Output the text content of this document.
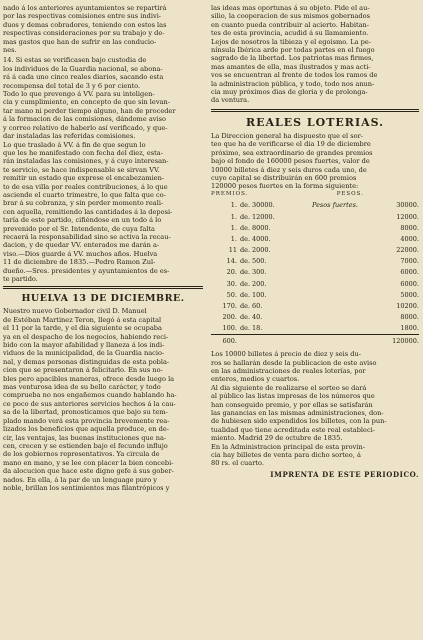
nado á los anteriores ayuntamientos se repartirá
por las respectivas comisiones entre sus indivi-
duos y demas cobradores, teniendo con estos las
respectivas consideraciones por su trabajo y de-
mas gastos que han de sufrir en las conducio-
nes.

14. Si estas se verificasen bajo custodia de
los individuos de la Guardia nacional, se abona-
rá á cada uno cinco reales diarios, sacando esta
recompensa del total de 3 y 6 por ciento.
Todo lo que prevengo á VV. para su inteligen-
cia y cumplimiento, en concepto de que sin levan-
tar mano ni perder tiempo alguno, han de proceder
á la formacion de las comisiones, dándome aviso
y correo relativo de haberlo así verificado, y que-
dar instaladas las referidas comisiones.
Lo que traslado á VV. á fin de que segun lo
que les he manifestado con fecha del diez, esta-
rán instaladas las comisiones, y á cuyo interesan-
te servicio, se hace indispensable se sirvan VV.
remitir un estado que exprese el encabezamien-
to de esa villa por reales contribuciones, á lo que
asciende el cuarto trimestre, lo que falta que co-
brar á su cobranza, y sin perder momento reali-
cen aquella, remitiendo las cantidades á la deposi-
taría de este partido, cifiéndose en un todo á lo
prevenido por el Sr. Intendente, de cuya falta
recaerá la responsabilidad sino se activa la recau-
dacion, y de quedar VV. enterados me darán a-
viso.—Dios guarde á VV. muchos años. Huelva
11 de diciembre de 1835.—Pedro Ramon Zul-
dueño.—Sres. presidentes y ayuntamientos de es-
te partido.

HUELVA 13 DE DICIEMBRE.

Nuestro nuevo Gobernador civil D. Manuel
de Estéban Martinez Teron, llegó á esta capital
el 11 por la tarde, y el dia siguiente se ocupaba
ya en el despacho de los negocios, habiendo reci-
bido con la mayor afabilidad y llaneza á los indi-
viduos de la municipalidad, de la Guardia nacio-
nal, y demas personas distinguidas de esta pobla-
cion que se presentaron á felicitarlo. En sus no-
bles pero apacibles maneras, ofrece desde luego la
mas venturosa idea de su bello carácter, y todo
comprueba no nos engañemos cuando hablando ha-
ce poco de sus anteriores servicios hechos á la cau-
sa de la libertad, pronosticamos que bajo su tem-
plado mando verá esta provincia brevemente rea-
lizados los beneficios que aquella produce, en de-
cir, las ventajas, las buenas instituciones que na-
cen, crecen y se estienden bajo el fecundo influjo
de los gobiernos representativos. Ya circula de
mano en mano, y se lee con placer la bien concebi-
da alocucion que hace este digno gefe á sus gober-
nados. En ella, á la par de un lenguage puro y
noble, brillan los sentimientos mas filantrópicos y

las ideas mas oportunas á su objeto. Pide el au-
silio, la cooperacion de sus mismos gobernados
en cuanto pueda contribuir al acierto. Habitan-
tes de esta provincia, acudid á su llamamiento.
Lejos de nosotros la tibieza y el egoismo. La pe-
nínsula Ibérica arde por todas partes en el fuego
sagrado de la libertad. Los patriotas mas firmes,
mas amantes de ella, mas ilustrados y mas acti-
vos se encuentran al frente de todos los ramos de
la administracion pública, y todo, todo nos anun-
cia muy próximos dias de gloria y de prolonga-
da ventura.

REALES LOTERIAS.

La Direccion general ha dispuesto que el sor-
teo que ha de verificarse el dia 19 de diciembre
próximo, sea extraordinario de grandes premios
bajo el fondo de 160000 pesos fuertes, valor de
10000 billetes á diez y seis duros cada uno, de
cuyo capital se distribuirán en 600 premios
120000 pesos fuertes en la forma siguiente:

PREMIOS.			PESOS.	
1.	de.	30000.	Pesos fuertes.	30000.
1.	de.	12000.		12000.
1.	de.	8000.		8000.
1.	de.	4000.		4000.
11	de.	2000.		22000.
14.	de.	500.		7000.
20.	de.	300.		6000.
30.	de.	200.		6000.
50.	de.	100.		5000.
170.	de.	60.		10200.
200.	de.	40.		8000.
100.	de.	18.		1800.
600.				120000.

Los 10000 billetes á precio de diez y seis du-
ros se hallarán desde la publicacion de este aviso
en las administraciones de reales loterías, por
enteros, medios y cuartos.
Al dia siguiente de realizarse el sorteo se dará
al público las listas impresas de los números que
han conseguido premio, y por ellas se satisfarán
las ganancias en las mismas administraciones, don-
de hubiesen sido expendidos los billetes, con la pun-
tualidad que tiene acreditada este real estableci-
miento. Madrid 29 de octubre de 1835.
En la Administracion principal de esta provin-
cia hay billetes de venta para dicho sorteo, á
80 rs. el cuarto.

IMPRENTA DE ESTE PERIODICO.
